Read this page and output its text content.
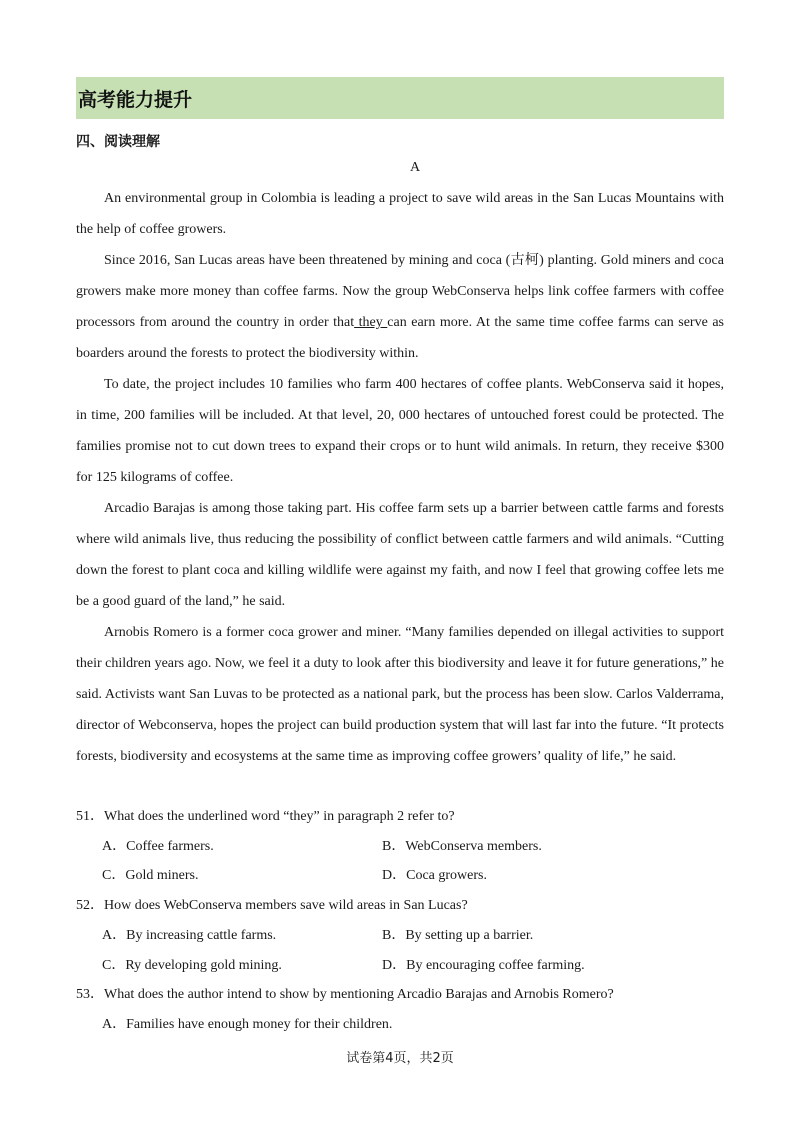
高考能力提升
四、阅读理解
A

An environmental group in Colombia is leading a project to save wild areas in the San Lucas Mountains with the help of coffee growers.

Since 2016, San Lucas areas have been threatened by mining and coca (古柯) planting. Gold miners and coca growers make more money than coffee farms. Now the group WebConserva helps link coffee farmers with coffee processors from around the country in order that they can earn more. At the same time coffee farms can serve as boarders around the forests to protect the biodiversity within.

To date, the project includes 10 families who farm 400 hectares of coffee plants. WebConserva said it hopes, in time, 200 families will be included. At that level, 20, 000 hectares of untouched forest could be protected. The families promise not to cut down trees to expand their crops or to hunt wild animals. In return, they receive $300 for 125 kilograms of coffee.

Arcadio Barajas is among those taking part. His coffee farm sets up a barrier between cattle farms and forests where wild animals live, thus reducing the possibility of conflict between cattle farmers and wild animals. “Cutting down the forest to plant coca and killing wildlife were against my faith, and now I feel that growing coffee lets me be a good guard of the land,” he said.

Arnobis Romero is a former coca grower and miner. “Many families depended on illegal activities to support their children years ago. Now, we feel it a duty to look after this biodiversity and leave it for future generations,” he said. Activists want San Luvas to be protected as a national park, but the process has been slow. Carlos Valderrama, director of Webconserva, hopes the project can build production system that will last far into the future. “It protects forests, biodiversity and ecosystems at the same time as improving coffee growers’ quality of life,” he said.

51．What does the underlined word “they” in paragraph 2 refer to?

A．Coffee farmers.	B．WebConserva members.
C．Gold miners.	D．Coca growers.

52．How does WebConserva members save wild areas in San Lucas?

A．By increasing cattle farms.	B．By setting up a barrier.
C．Ry developing gold mining.	D．By encouraging coffee farming.

53．What does the author intend to show by mentioning Arcadio Barajas and Arnobis Romero?

A．Families have enough money for their children.
试卷第4页，共2页
